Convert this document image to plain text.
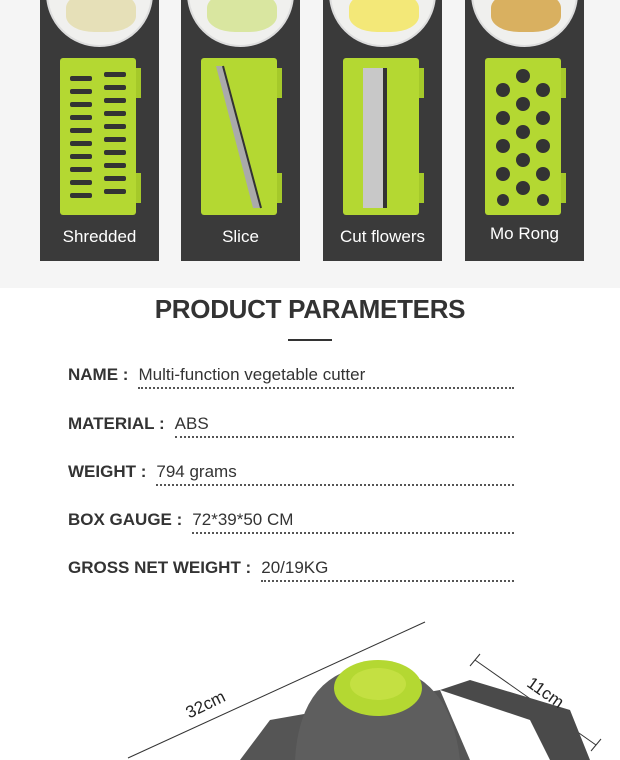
Shredded	Slice	Cut flowers	Mo Rong
PRODUCT PARAMETERS
NAME : Multi-function vegetable cutter
MATERIAL : ABS
WEIGHT : 794 grams
BOX GAUGE : 72*39*50 CM
GROSS NET WEIGHT : 20/19KG
32cm	11cm
